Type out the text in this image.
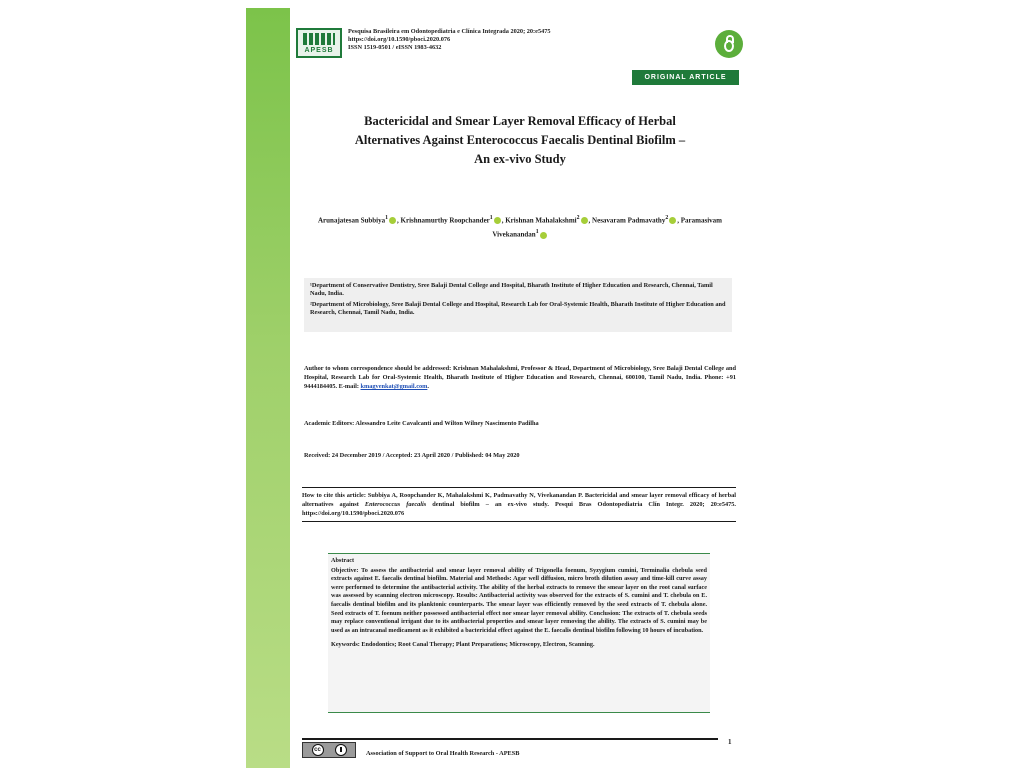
APESB
Pesquisa Brasileira em Odontopediatria e Clínica Integrada 2020; 20:e5475
https://doi.org/10.1590/pboci.2020.076
ISSN 1519-0501 / eISSN 1983-4632
ORIGINAL ARTICLE
Bactericidal and Smear Layer Removal Efficacy of Herbal
Alternatives Against Enterococcus Faecalis Dentinal Biofilm –
An ex-vivo Study
Arunajatesan Subbiya$^1$ , Krishnamurthy Roopchander$^1$ , Krishnan Mahalakshmi$^2$ , Nesavaram Padmavathy$^2$ , Paramasivam Vivekanandan$^1$

¹Department of Conservative Dentistry, Sree Balaji Dental College and Hospital, Bharath Institute of Higher Education and Research, Chennai, Tamil Nadu, India.

²Department of Microbiology, Sree Balaji Dental College and Hospital, Research Lab for Oral-Systemic Health, Bharath Institute of Higher Education and Research, Chennai, Tamil Nadu, India.

Author to whom correspondence should be addressed: Krishnan Mahalakshmi, Professor & Head, Department of Microbiology, Sree Balaji Dental College and Hospital, Research Lab for Oral-Systemic Health, Bharath Institute of Higher Education and Research, Chennai, 600100, Tamil Nadu, India. Phone: +91 9444184405. E-mail: kmagvenkat@gmail.com.
Academic Editors: Alessandro Leite Cavalcanti and Wilton Wilney Nascimento Padilha
Received: 24 December 2019 / Accepted: 23 April 2020 / Published: 04 May 2020
How to cite this article: Subbiya A, Roopchander K, Mahalakshmi K, Padmavathy N, Vivekanandan P. Bactericidal and smear layer removal efficacy of herbal alternatives against Enterococcus faecalis dentinal biofilm – an ex-vivo study. Pesqui Bras Odontopediatria Clín Integr. 2020; 20:e5475. https://doi.org/10.1590/pboci.2020.076
Abstract
Objective: To assess the antibacterial and smear layer removal ability of Trigonella foenum, Syzygium cumini, Terminalia chebula seed extracts against E. faecalis dentinal biofilm. Material and Methods: Agar well diffusion, micro broth dilution assay and time-kill curve assay were performed to determine the antibacterial activity. The ability of the herbal extracts to remove the smear layer on the root canal surface was assessed by scanning electron microscopy. Results: Antibacterial activity was observed for the extracts of S. cumini and T. chebula on E. faecalis dentinal biofilm and its planktonic counterparts. The smear layer was efficiently removed by the seed extracts of T. chebula alone. Seed extracts of T. foenum neither possessed antibacterial effect nor smear layer removal ability. Conclusion: The extracts of T. chebula seeds may replace conventional irrigant due to its antibacterial properties and smear layer removing the ability. The extracts of S. cumini may be used as an intracanal medicament as it exhibited a bactericidal effect against the E. faecalis dentinal biofilm following 10 hours of incubation.
Keywords: Endodontics; Root Canal Therapy; Plant Preparations; Microscopy, Electron, Scanning.
1
cc	Association of Support to Oral Health Research - APESB
